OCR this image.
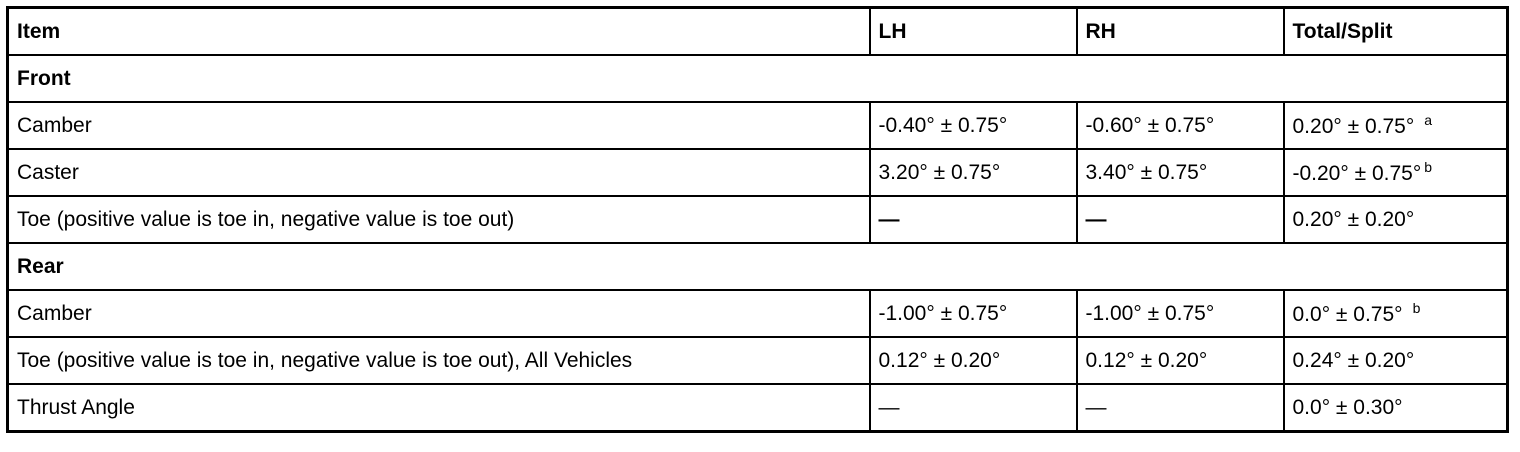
Item	LH	RH	Total/Split
Front			
Camber	-0.40° ± 0.75°	-0.60° ± 0.75°	0.20° ± 0.75° $^a$
Caster	3.20° ± 0.75°	3.40° ± 0.75°	-0.20° ± 0.75° $^b$
Toe (positive value is toe in, negative value is toe out)	—	—	0.20° ± 0.20°
Rear			
Camber	-1.00° ± 0.75°	-1.00° ± 0.75°	0.0° ± 0.75° $^b$
Toe (positive value is toe in, negative value is toe out), All Vehicles	0.12° ± 0.20°	0.12° ± 0.20°	0.24° ± 0.20°
Thrust Angle	—	—	0.0° ± 0.30°
